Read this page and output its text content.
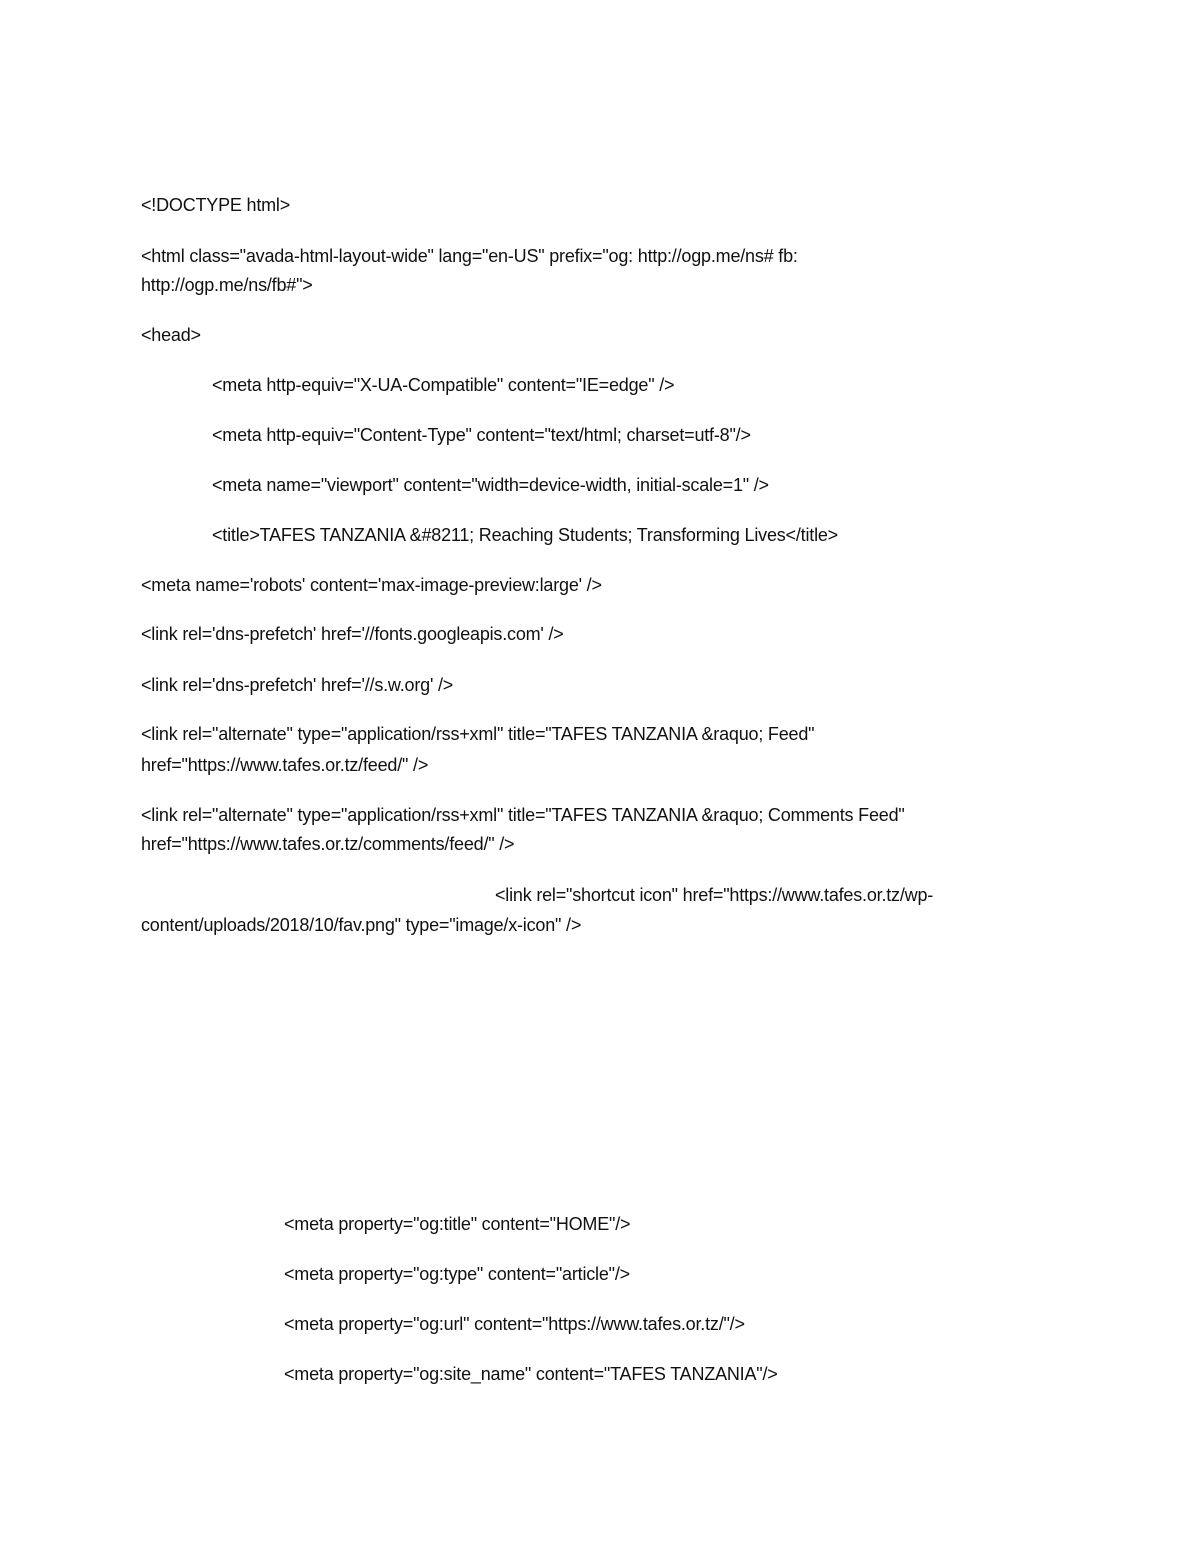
<!DOCTYPE html>
<html class="avada-html-layout-wide" lang="en-US" prefix="og: http://ogp.me/ns# fb:
http://ogp.me/ns/fb#">
<head>
<meta http-equiv="X-UA-Compatible" content="IE=edge" />
<meta http-equiv="Content-Type" content="text/html; charset=utf-8"/>
<meta name="viewport" content="width=device-width, initial-scale=1" />
<title>TAFES TANZANIA &#8211; Reaching Students; Transforming Lives</title>
<meta name='robots' content='max-image-preview:large' />
<link rel='dns-prefetch' href='//fonts.googleapis.com' />
<link rel='dns-prefetch' href='//s.w.org' />
<link rel="alternate" type="application/rss+xml" title="TAFES TANZANIA &raquo; Feed"
href="https://www.tafes.or.tz/feed/" />
<link rel="alternate" type="application/rss+xml" title="TAFES TANZANIA &raquo; Comments Feed"
href="https://www.tafes.or.tz/comments/feed/" />
<link rel="shortcut icon" href="https://www.tafes.or.tz/wp-
content/uploads/2018/10/fav.png" type="image/x-icon" />
<meta property="og:title" content="HOME"/>
<meta property="og:type" content="article"/>
<meta property="og:url" content="https://www.tafes.or.tz/"/>
<meta property="og:site_name" content="TAFES TANZANIA"/>
